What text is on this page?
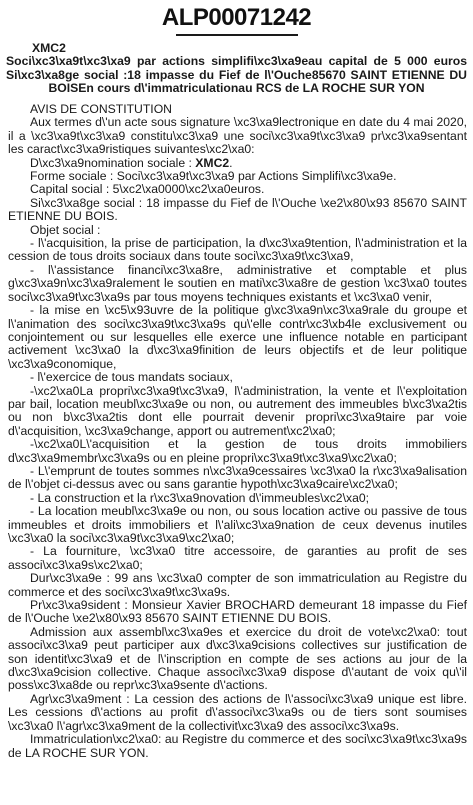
ALP00071242
XMC2
Soci\xc3\xa9t\xc3\xa9 par actions simplifi\xc3\xa9eau capital de 5 000 euros
Si\xc3\xa8ge social :18 impasse du Fief de l\'Ouche85670 SAINT ETIENNE DU
BOISEn cours d\'immatriculationau RCS de LA ROCHE SUR YON

AVIS DE CONSTITUTION

Aux termes d\'un acte sous signature \xc3\xa9lectronique en date du 4 mai 2020, il a \xc3\xa9t\xc3\xa9 constitu\xc3\xa9 une soci\xc3\xa9t\xc3\xa9 pr\xc3\xa9sentant les caract\xc3\xa9ristiques suivantes\xc2\xa0:

D\xc3\xa9nomination sociale : XMC2.

Forme sociale : Soci\xc3\xa9t\xc3\xa9 par Actions Simplifi\xc3\xa9e.

Capital social : 5\xc2\xa0000\xc2\xa0euros.

Si\xc3\xa8ge social : 18 impasse du Fief de l\'Ouche \xe2\x80\x93 85670 SAINT ETIENNE DU BOIS.

Objet social :

- l\'acquisition, la prise de participation, la d\xc3\xa9tention, l\'administration et la cession de tous droits sociaux dans toute soci\xc3\xa9t\xc3\xa9,

- l\'assistance financi\xc3\xa8re, administrative et comptable et plus g\xc3\xa9n\xc3\xa9ralement le soutien en mati\xc3\xa8re de gestion \xc3\xa0 toutes soci\xc3\xa9t\xc3\xa9s par tous moyens techniques existants et \xc3\xa0 venir,

- la mise en \xc5\x93uvre de la politique g\xc3\xa9n\xc3\xa9rale du groupe et l\'animation des soci\xc3\xa9t\xc3\xa9s qu\'elle contr\xc3\xb4le exclusivement ou conjointement ou sur lesquelles elle exerce une influence notable en participant activement \xc3\xa0 la d\xc3\xa9finition de leurs objectifs et de leur politique \xc3\xa9conomique,

- l\'exercice de tous mandats sociaux,

-\xc2\xa0La propri\xc3\xa9t\xc3\xa9, l\'administration, la vente et l\'exploitation par bail, location meubl\xc3\xa9e ou non, ou autrement des immeubles b\xc3\xa2tis ou non b\xc3\xa2tis dont elle pourrait devenir propri\xc3\xa9taire par voie d\'acquisition, \xc3\xa9change, apport ou autrement\xc2\xa0;

-\xc2\xa0L\'acquisition et la gestion de tous droits immobiliers d\xc3\xa9membr\xc3\xa9s ou en pleine propri\xc3\xa9t\xc3\xa9\xc2\xa0;

- L\'emprunt de toutes sommes n\xc3\xa9cessaires \xc3\xa0 la r\xc3\xa9alisation de l\'objet ci-dessus avec ou sans garantie hypoth\xc3\xa9caire\xc2\xa0;

- La construction et la r\xc3\xa9novation d\'immeubles\xc2\xa0;

- La location meubl\xc3\xa9e ou non, ou sous location active ou passive de tous immeubles et droits immobiliers et l\'ali\xc3\xa9nation de ceux devenus inutiles \xc3\xa0 la soci\xc3\xa9t\xc3\xa9\xc2\xa0;

- La fourniture, \xc3\xa0 titre accessoire, de garanties au profit de ses associ\xc3\xa9s\xc2\xa0;

Dur\xc3\xa9e : 99 ans \xc3\xa0 compter de son immatriculation au Registre du commerce et des soci\xc3\xa9t\xc3\xa9s.

Pr\xc3\xa9sident : Monsieur Xavier BROCHARD demeurant 18 impasse du Fief de l\'Ouche \xe2\x80\x93 85670 SAINT ETIENNE DU BOIS.

Admission aux assembl\xc3\xa9es et exercice du droit de vote\xc2\xa0: tout associ\xc3\xa9 peut participer aux d\xc3\xa9cisions collectives sur justification de son identit\xc3\xa9 et de l\'inscription en compte de ses actions au jour de la d\xc3\xa9cision collective. Chaque associ\xc3\xa9 dispose d\'autant de voix qu\'il poss\xc3\xa8de ou repr\xc3\xa9sente d\'actions.

Agr\xc3\xa9ment : La cession des actions de l\'associ\xc3\xa9 unique est libre. Les cessions d\'actions au profit d\'associ\xc3\xa9s ou de tiers sont soumises \xc3\xa0 l\'agr\xc3\xa9ment de la collectivit\xc3\xa9 des associ\xc3\xa9s.

Immatriculation\xc2\xa0: au Registre du commerce et des soci\xc3\xa9t\xc3\xa9s de LA ROCHE SUR YON.
